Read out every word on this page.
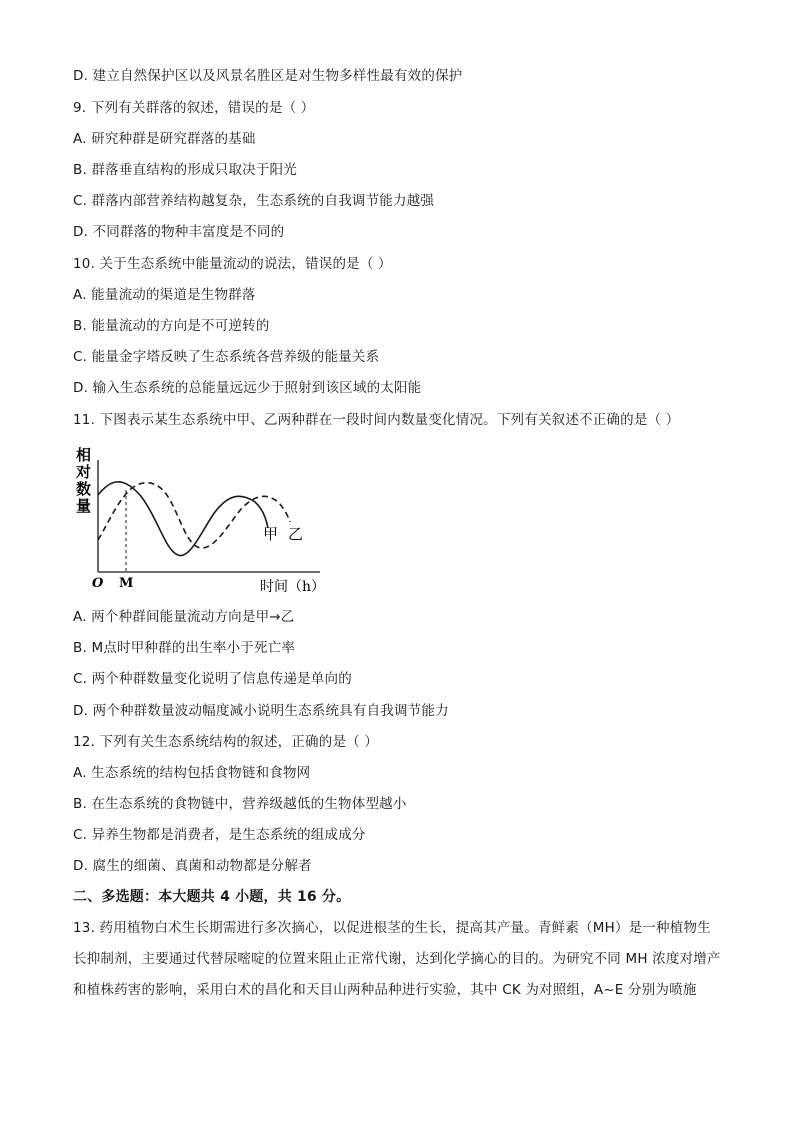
D. 建立自然保护区以及风景名胜区是对生物多样性最有效的保护
9. 下列有关群落的叙述，错误的是（ ）
A. 研究种群是研究群落的基础
B. 群落垂直结构的形成只取决于阳光
C. 群落内部营养结构越复杂，生态系统的自我调节能力越强
D. 不同群落的物种丰富度是不同的
10. 关于生态系统中能量流动的说法，错误的是（ ）
A. 能量流动的渠道是生物群落
B. 能量流动的方向是不可逆转的
C. 能量金字塔反映了生态系统各营养级的能量关系
D. 输入生态系统的总能量远远少于照射到该区域的太阳能
11. 下图表示某生态系统中甲、乙两种群在一段时间内数量变化情况。下列有关叙述不正确的是（ ）
相
对
数
量
O M
甲 乙
时间（h）
A. 两个种群间能量流动方向是甲→乙
B. M点时甲种群的出生率小于死亡率
C. 两个种群数量变化说明了信息传递是单向的
D. 两个种群数量波动幅度减小说明生态系统具有自我调节能力
12. 下列有关生态系统结构的叙述，正确的是（ ）
A. 生态系统的结构包括食物链和食物网
B. 在生态系统的食物链中，营养级越低的生物体型越小
C. 异养生物都是消费者，是生态系统的组成成分
D. 腐生的细菌、真菌和动物都是分解者
二、多选题：本大题共 4 小题，共 16 分。
13. 药用植物白术生长期需进行多次摘心，以促进根茎的生长，提高其产量。青鲜素（MH）是一种植物生长抑制剂，主要通过代替尿嘧啶的位置来阻止正常代谢，达到化学摘心的目的。为研究不同 MH 浓度对增产和植株药害的影响，采用白术的昌化和天目山两种品种进行实验，其中 CK 为对照组，A~E 分别为喷施
